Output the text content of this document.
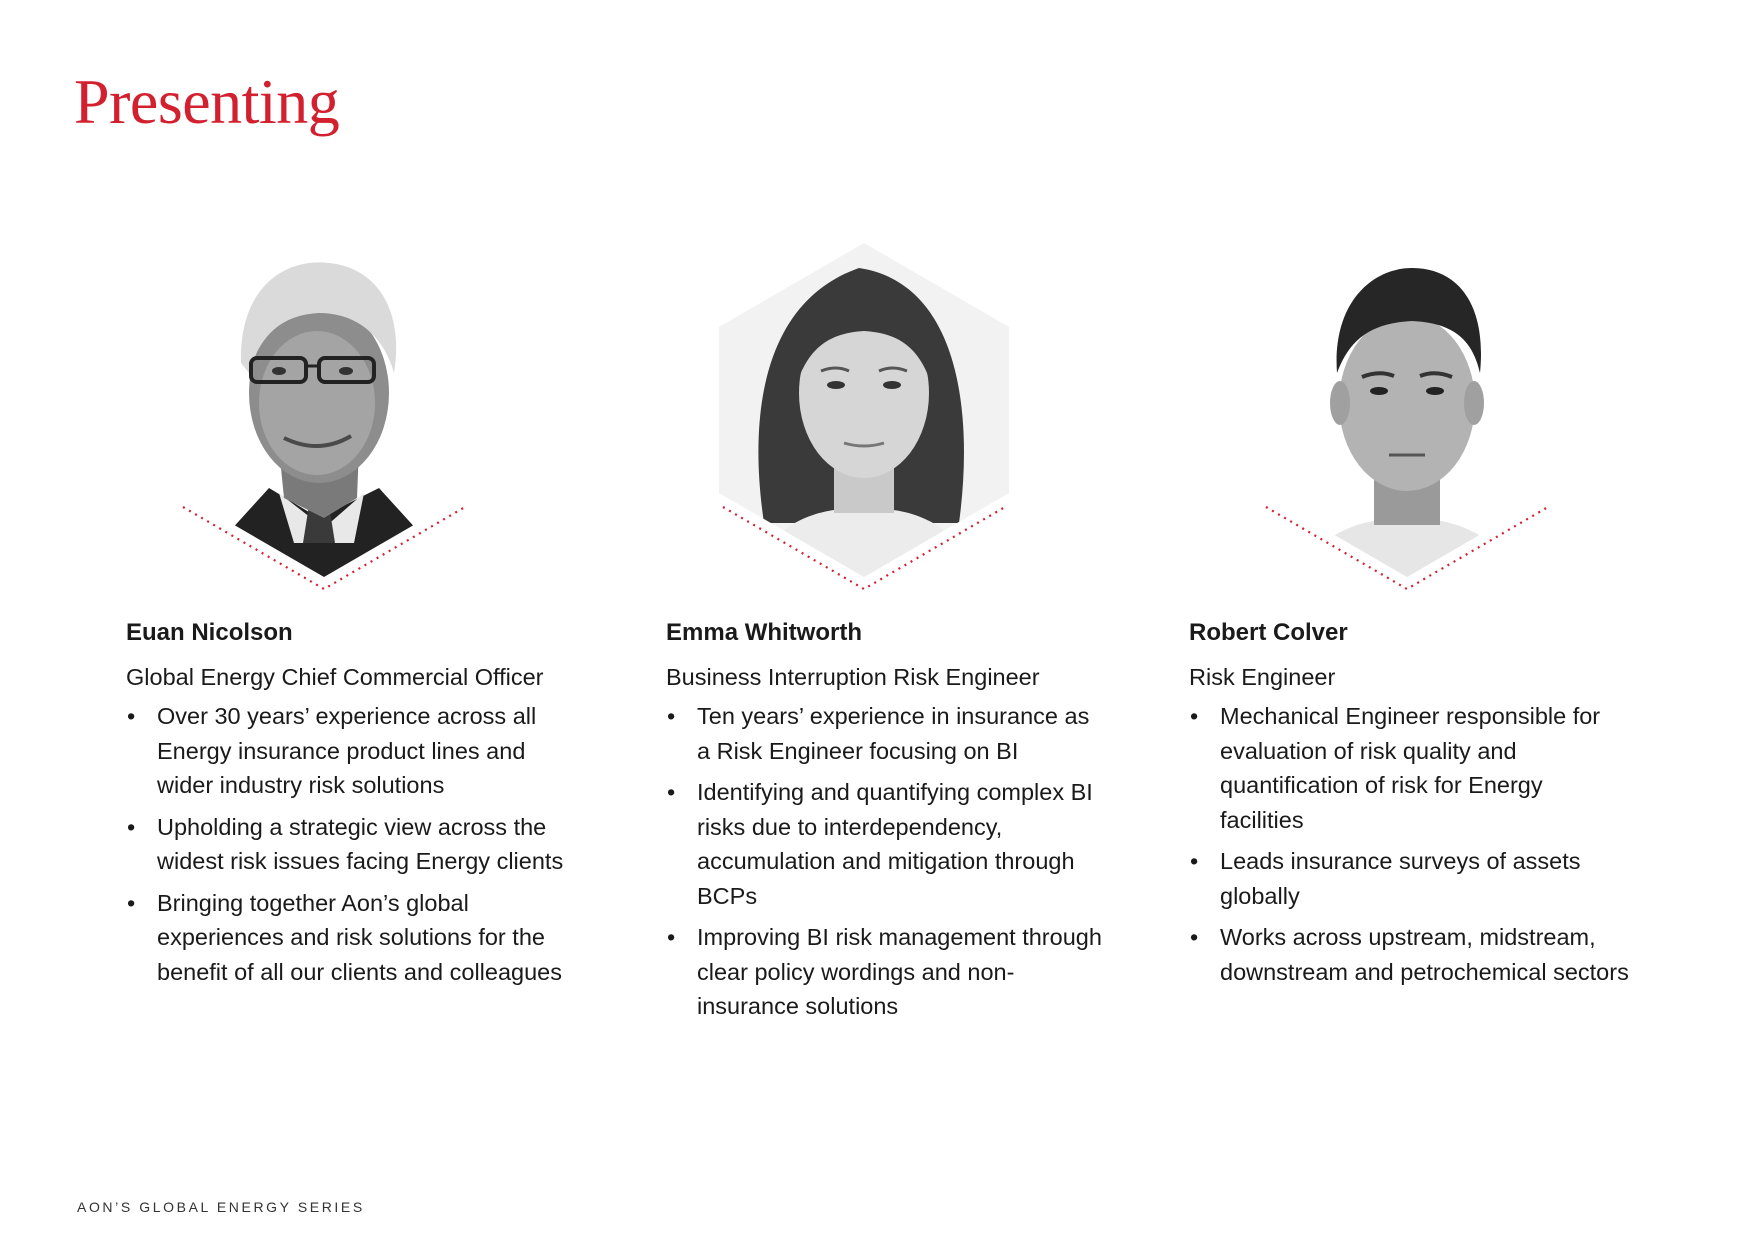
Presenting

Euan Nicolson

Global Energy Chief Commercial Officer

• Over 30 years’ experience across all Energy insurance product lines and wider industry risk solutions
• Upholding a strategic view across the widest risk issues facing Energy clients
• Bringing together Aon’s global experiences and risk solutions for the benefit of all our clients and colleagues

Emma Whitworth

Business Interruption Risk Engineer

• Ten years’ experience in insurance as a Risk Engineer focusing on BI
• Identifying and quantifying complex BI risks due to interdependency, accumulation and mitigation through BCPs
• Improving BI risk management through clear policy wordings and non-insurance solutions

Robert Colver

Risk Engineer

• Mechanical Engineer responsible for evaluation of risk quality and quantification of risk for Energy facilities
• Leads insurance surveys of assets globally
• Works across upstream, midstream, downstream and petrochemical sectors
AON’S GLOBAL ENERGY SERIES
